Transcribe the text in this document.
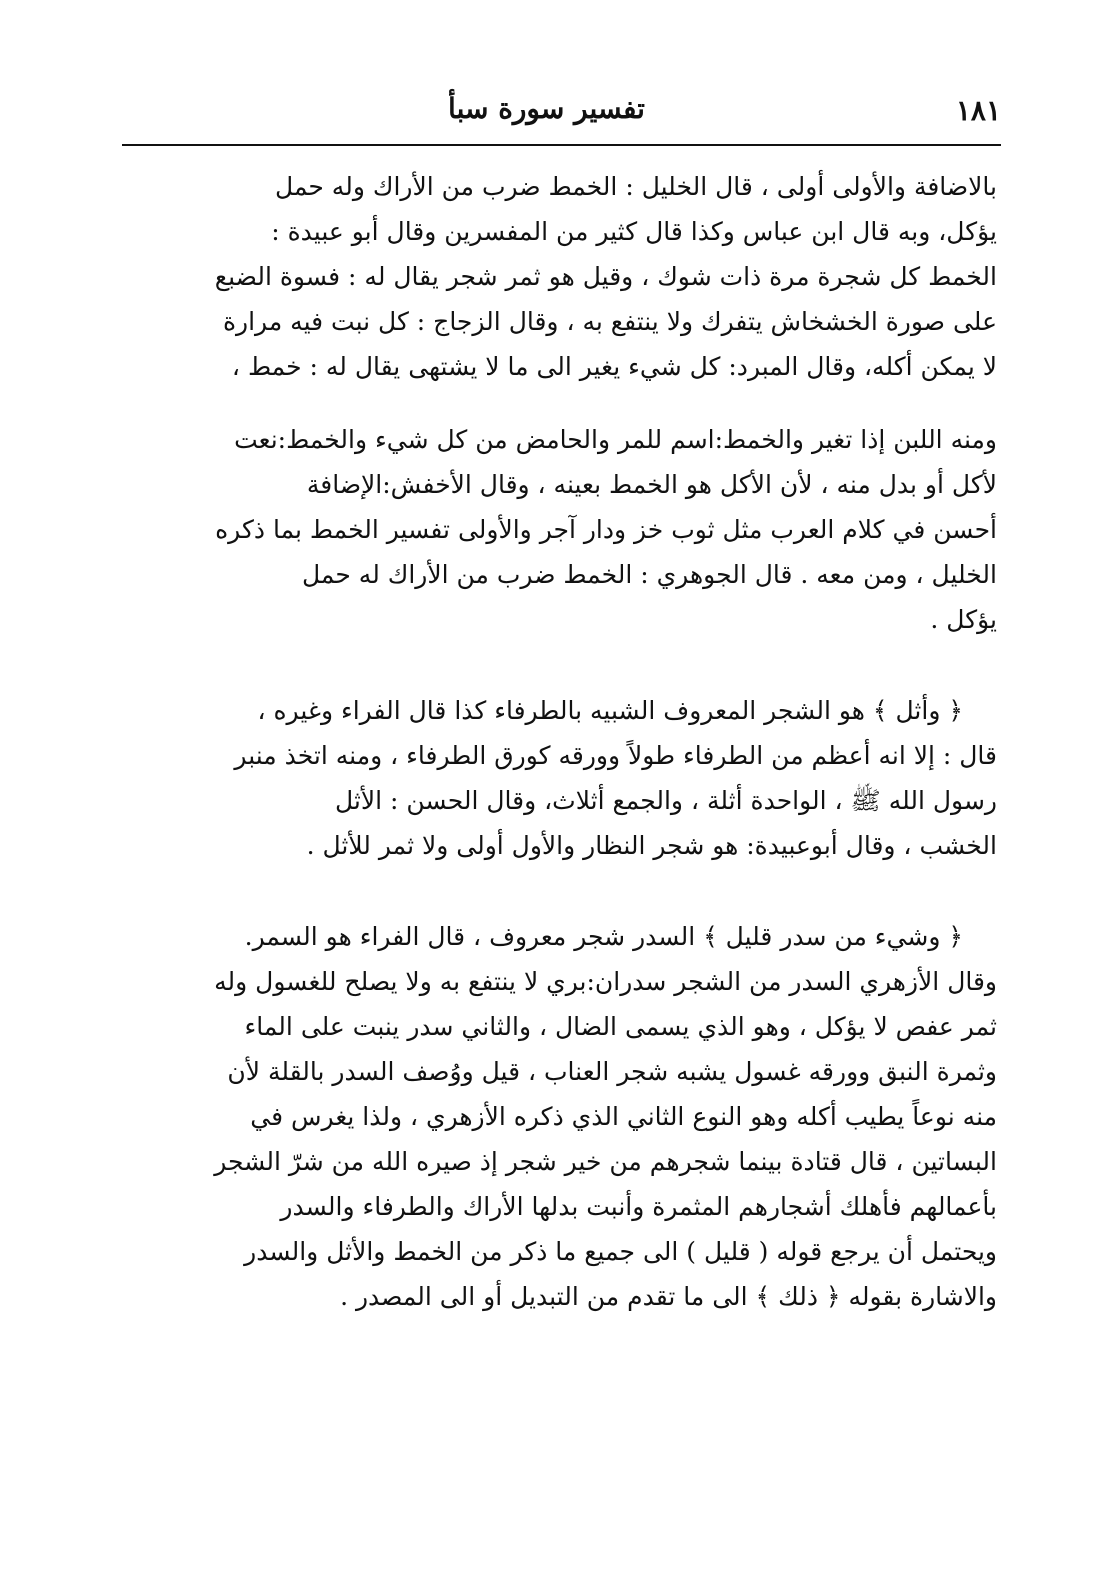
١٨١
تفسير سورة سبأ

بالاضافة والأولى أولى ، قال الخليل : الخمط ضرب من الأراك وله حمل
يؤكل، وبه قال ابن عباس وكذا قال كثير من المفسرين وقال أبو عبيدة :
الخمط كل شجرة مرة ذات شوك ، وقيل هو ثمر شجر يقال له : فسوة الضبع
على صورة الخشخاش يتفرك ولا ينتفع به ، وقال الزجاج : كل نبت فيه مرارة
لا يمكن أكله، وقال المبرد: كل شيء يغير الى ما لا يشتهى يقال له : خمط ،

ومنه اللبن إذا تغير والخمط:اسم للمر والحامض من كل شيء والخمط:نعت
لأكل أو بدل منه ، لأن الأكل هو الخمط بعينه ، وقال الأخفش:الإضافة
أحسن في كلام العرب مثل ثوب خز ودار آجر والأولى تفسير الخمط بما ذكره
الخليل ، ومن معه . قال الجوهري : الخمط ضرب من الأراك له حمل
يؤكل .

﴿ وأثل ﴾ هو الشجر المعروف الشبيه بالطرفاء كذا قال الفراء وغيره ،
قال : إلا انه أعظم من الطرفاء طولاً وورقه كورق الطرفاء ، ومنه اتخذ منبر
رسول الله ﷺ ، الواحدة أثلة ، والجمع أثلاث، وقال الحسن : الأثل
الخشب ، وقال أبوعبيدة: هو شجر النظار والأول أولى ولا ثمر للأثل .

﴿ وشيء من سدر قليل ﴾ السدر شجر معروف ، قال الفراء هو السمر.
وقال الأزهري السدر من الشجر سدران:بري لا ينتفع به ولا يصلح للغسول وله
ثمر عفص لا يؤكل ، وهو الذي يسمى الضال ، والثاني سدر ينبت على الماء
وثمرة النبق وورقه غسول يشبه شجر العناب ، قيل ووُصف السدر بالقلة لأن
منه نوعاً يطيب أكله وهو النوع الثاني الذي ذكره الأزهري ، ولذا يغرس في
البساتين ، قال قتادة بينما شجرهم من خير شجر إذ صيره الله من شرّ الشجر
بأعمالهم فأهلك أشجارهم المثمرة وأنبت بدلها الأراك والطرفاء والسدر
ويحتمل أن يرجع قوله ( قليل ) الى جميع ما ذكر من الخمط والأثل والسدر
والاشارة بقوله ﴿ ذلك ﴾ الى ما تقدم من التبديل أو الى المصدر .
